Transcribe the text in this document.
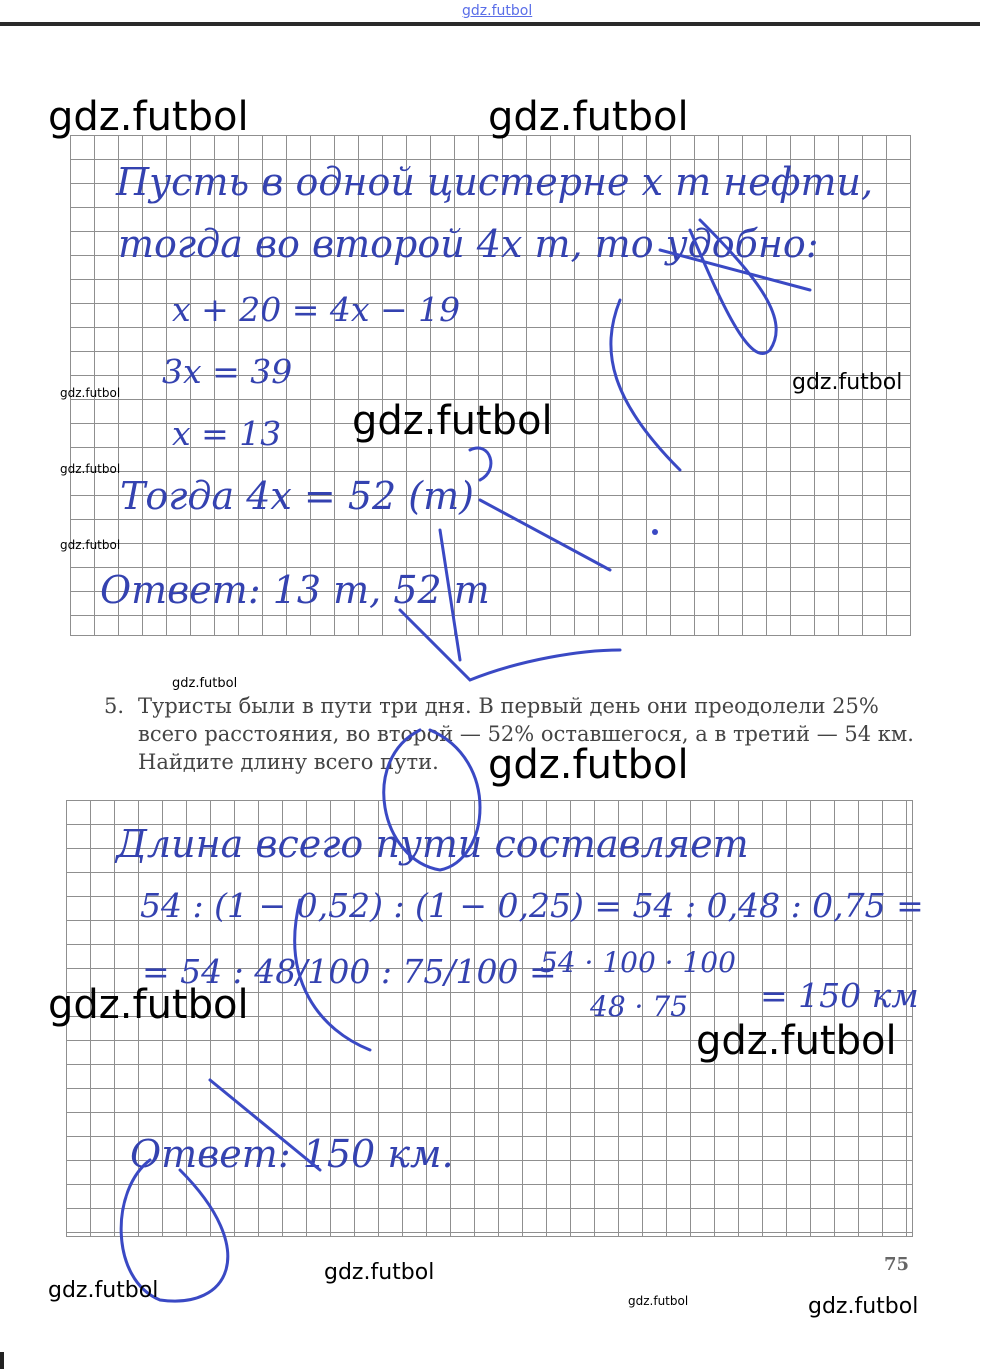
gdz.futbol
Пусть в одной цистерне x т нефти,
тогда во второй 4x т, то удобно:
x + 20 = 4x − 19
3x = 39
x = 13
Тогда 4x = 52 (т)
Ответ: 13 т, 52 т
5. Туристы были в пути три дня. В первый день они преодолели 25%
всего расстояния, во второй — 52% оставшегося, а в третий — 54 км.
Найдите длину всего пути.
Длина всего пути составляет
54 : (1 − 0,52) : (1 − 0,25) = 54 : 0,48 : 0,75 =
= 54 : 48/100 : 75/100 =
54 · 100 · 100
48 · 75 = 150 км
Ответ: 150 км.
75
gdz.futbol	gdz.futbol
gdz.futbol
gdz.futbol
gdz.futbol
gdz.futbol
gdz.futbol
gdz.futbol
gdz.futbol
gdz.futbol
gdz.futbol
gdz.futbol
gdz.futbol	gdz.futbol	gdz.futbol
